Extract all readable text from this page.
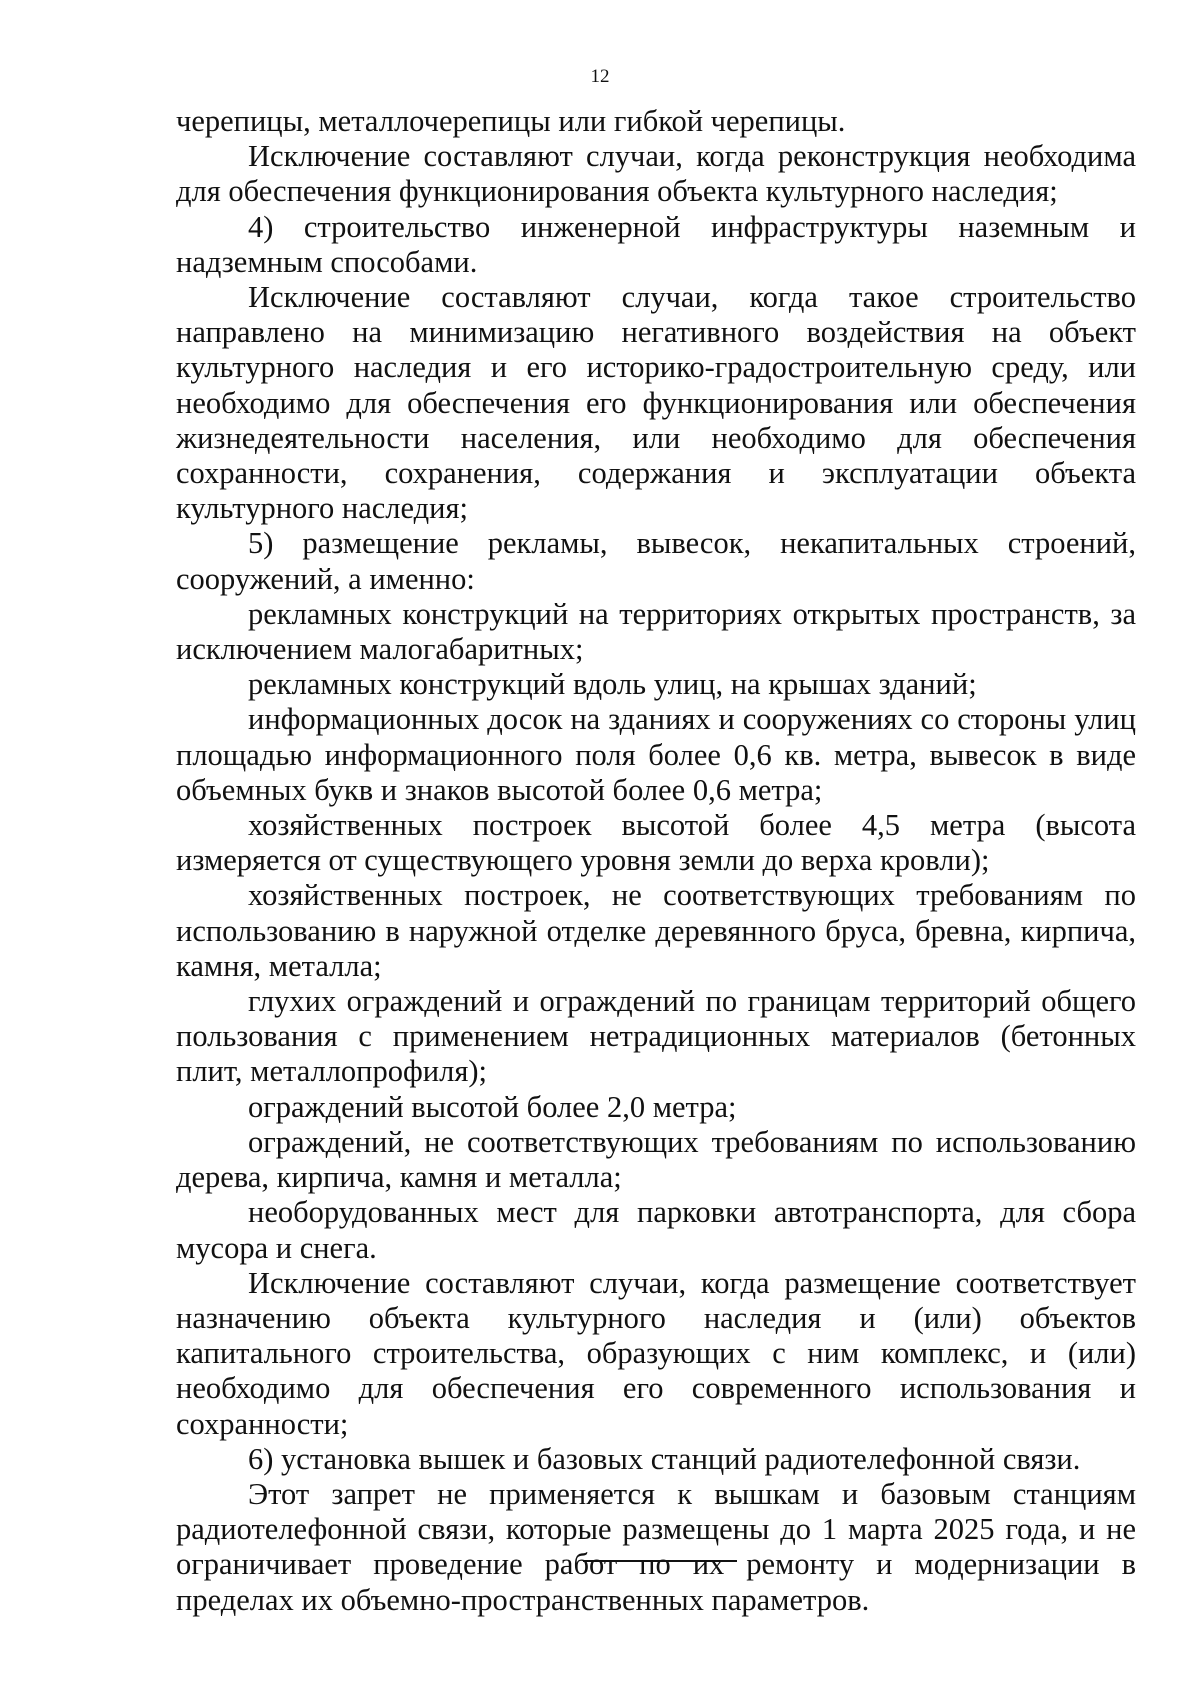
12

черепицы, металлочерепицы или гибкой черепицы.

Исключение составляют случаи, когда реконструкция необходима для обеспечения функционирования объекта культурного наследия;

4) строительство инженерной инфраструктуры наземным и надземным способами.

Исключение составляют случаи, когда такое строительство направлено на минимизацию негативного воздействия на объект культурного наследия и его историко-градостроительную среду, или необходимо для обеспечения его функционирования или обеспечения жизнедеятельности населения, или необходимо для обеспечения сохранности, сохранения, содержания и эксплуатации объекта культурного наследия;

5) размещение рекламы, вывесок, некапитальных строений, сооружений, а именно:

рекламных конструкций на территориях открытых пространств, за исключением малогабаритных;

рекламных конструкций вдоль улиц, на крышах зданий;

информационных досок на зданиях и сооружениях со стороны улиц площадью информационного поля более 0,6 кв. метра, вывесок в виде объемных букв и знаков высотой более 0,6 метра;

хозяйственных построек высотой более 4,5 метра (высота измеряется от существующего уровня земли до верха кровли);

хозяйственных построек, не соответствующих требованиям по использованию в наружной отделке деревянного бруса, бревна, кирпича, камня, металла;

глухих ограждений и ограждений по границам территорий общего пользования с применением нетрадиционных материалов (бетонных плит, металлопрофиля);

ограждений высотой более 2,0 метра;

ограждений, не соответствующих требованиям по использованию дерева, кирпича, камня и металла;

необорудованных мест для парковки автотранспорта, для сбора мусора и снега.

Исключение составляют случаи, когда размещение соответствует назначению объекта культурного наследия и (или) объектов капитального строительства, образующих с ним комплекс, и (или) необходимо для обеспечения его современного использования и сохранности;

6) установка вышек и базовых станций радиотелефонной связи.

Этот запрет не применяется к вышкам и базовым станциям радиотелефонной связи, которые размещены до 1 марта 2025 года, и не ограничивает проведение работ по их ремонту и модернизации в пределах их объемно-пространственных параметров.
